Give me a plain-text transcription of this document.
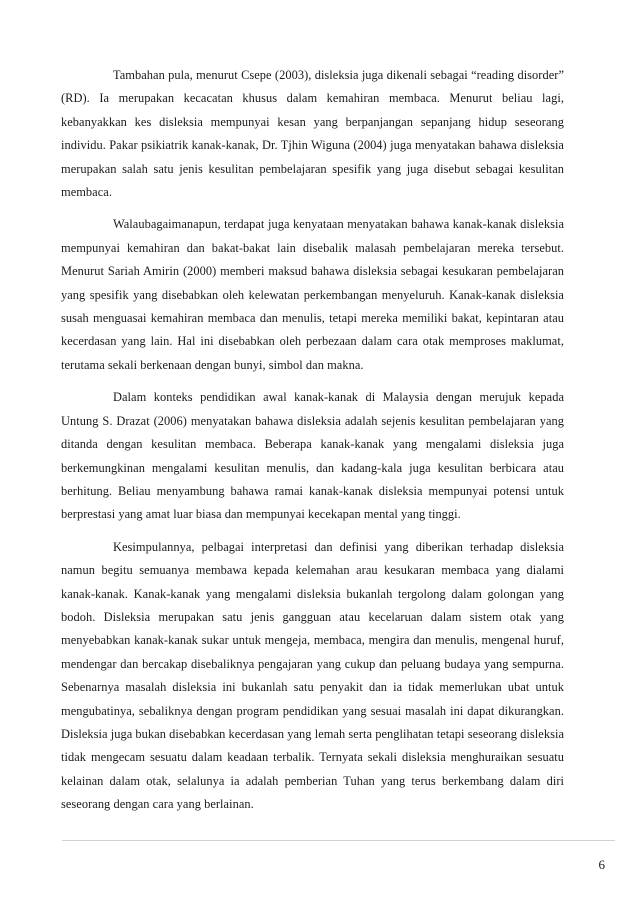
Tambahan pula, menurut Csepe (2003), disleksia juga dikenali sebagai “reading disorder” (RD). Ia merupakan kecacatan khusus dalam kemahiran membaca. Menurut beliau lagi, kebanyakkan kes disleksia mempunyai kesan yang berpanjangan sepanjang hidup seseorang individu. Pakar psikiatrik kanak-kanak, Dr. Tjhin Wiguna (2004) juga menyatakan bahawa disleksia merupakan salah satu jenis kesulitan pembelajaran spesifik yang juga disebut sebagai kesulitan membaca.

Walaubagaimanapun, terdapat juga kenyataan menyatakan bahawa kanak-kanak disleksia mempunyai kemahiran dan bakat-bakat lain disebalik malasah pembelajaran mereka tersebut. Menurut Sariah Amirin (2000) memberi maksud bahawa disleksia sebagai kesukaran pembelajaran yang spesifik yang disebabkan oleh kelewatan perkembangan menyeluruh. Kanak-kanak disleksia susah menguasai kemahiran membaca dan menulis, tetapi mereka memiliki bakat, kepintaran atau kecerdasan yang lain. Hal ini disebabkan oleh perbezaan dalam cara otak memproses maklumat, terutama sekali berkenaan dengan bunyi, simbol dan makna.

Dalam konteks pendidikan awal kanak-kanak di Malaysia dengan merujuk kepada Untung S. Drazat (2006) menyatakan bahawa disleksia adalah sejenis kesulitan pembelajaran yang ditanda dengan kesulitan membaca. Beberapa kanak-kanak yang mengalami disleksia juga berkemungkinan mengalami kesulitan menulis, dan kadang-kala juga kesulitan berbicara atau berhitung. Beliau menyambung bahawa ramai kanak-kanak disleksia mempunyai potensi untuk berprestasi yang amat luar biasa dan mempunyai kecekapan mental yang tinggi.

Kesimpulannya, pelbagai interpretasi dan definisi yang diberikan terhadap disleksia namun begitu semuanya membawa kepada kelemahan arau kesukaran membaca yang dialami kanak-kanak. Kanak-kanak yang mengalami disleksia bukanlah tergolong dalam golongan yang bodoh. Disleksia merupakan satu jenis gangguan atau kecelaruan dalam sistem otak yang menyebabkan kanak-kanak sukar untuk mengeja, membaca, mengira dan menulis, mengenal huruf, mendengar dan bercakap disebaliknya pengajaran yang cukup dan peluang budaya yang sempurna. Sebenarnya masalah disleksia ini bukanlah satu penyakit dan ia tidak memerlukan ubat untuk mengubatinya, sebaliknya dengan program pendidikan yang sesuai masalah ini dapat dikurangkan. Disleksia juga bukan disebabkan kecerdasan yang lemah serta penglihatan tetapi seseorang disleksia tidak mengecam sesuatu dalam keadaan terbalik. Ternyata sekali disleksia menghuraikan sesuatu kelainan dalam otak, selalunya ia adalah pemberian Tuhan yang terus berkembang dalam diri seseorang dengan cara yang berlainan.

6
